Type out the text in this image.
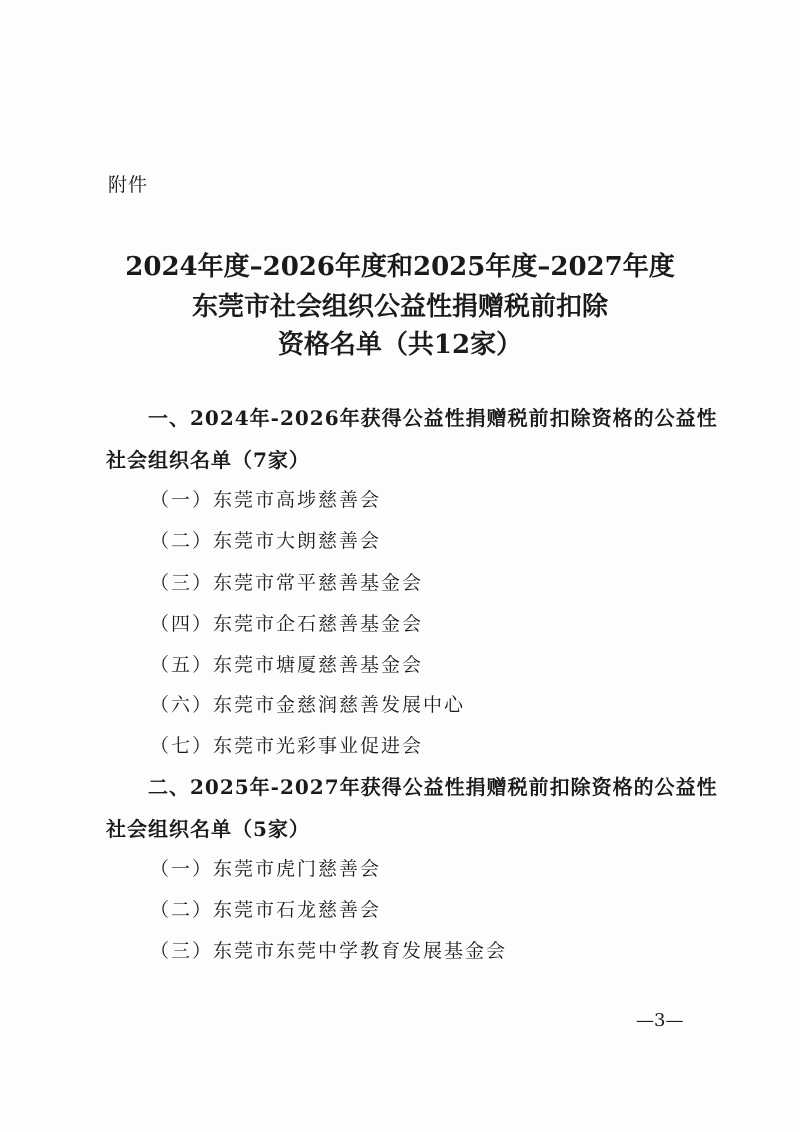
附件
2024年度–2026年度和2025年度–2027年度
东莞市社会组织公益性捐赠税前扣除
资格名单（共12家）
一、2024年-2026年获得公益性捐赠税前扣除资格的公益性
社会组织名单（7家）
（一）东莞市高埗慈善会
（二）东莞市大朗慈善会
（三）东莞市常平慈善基金会
（四）东莞市企石慈善基金会
（五）东莞市塘厦慈善基金会
（六）东莞市金慈润慈善发展中心
（七）东莞市光彩事业促进会
二、2025年-2027年获得公益性捐赠税前扣除资格的公益性
社会组织名单（5家）
（一）东莞市虎门慈善会
（二）东莞市石龙慈善会
（三）东莞市东莞中学教育发展基金会
—3—
